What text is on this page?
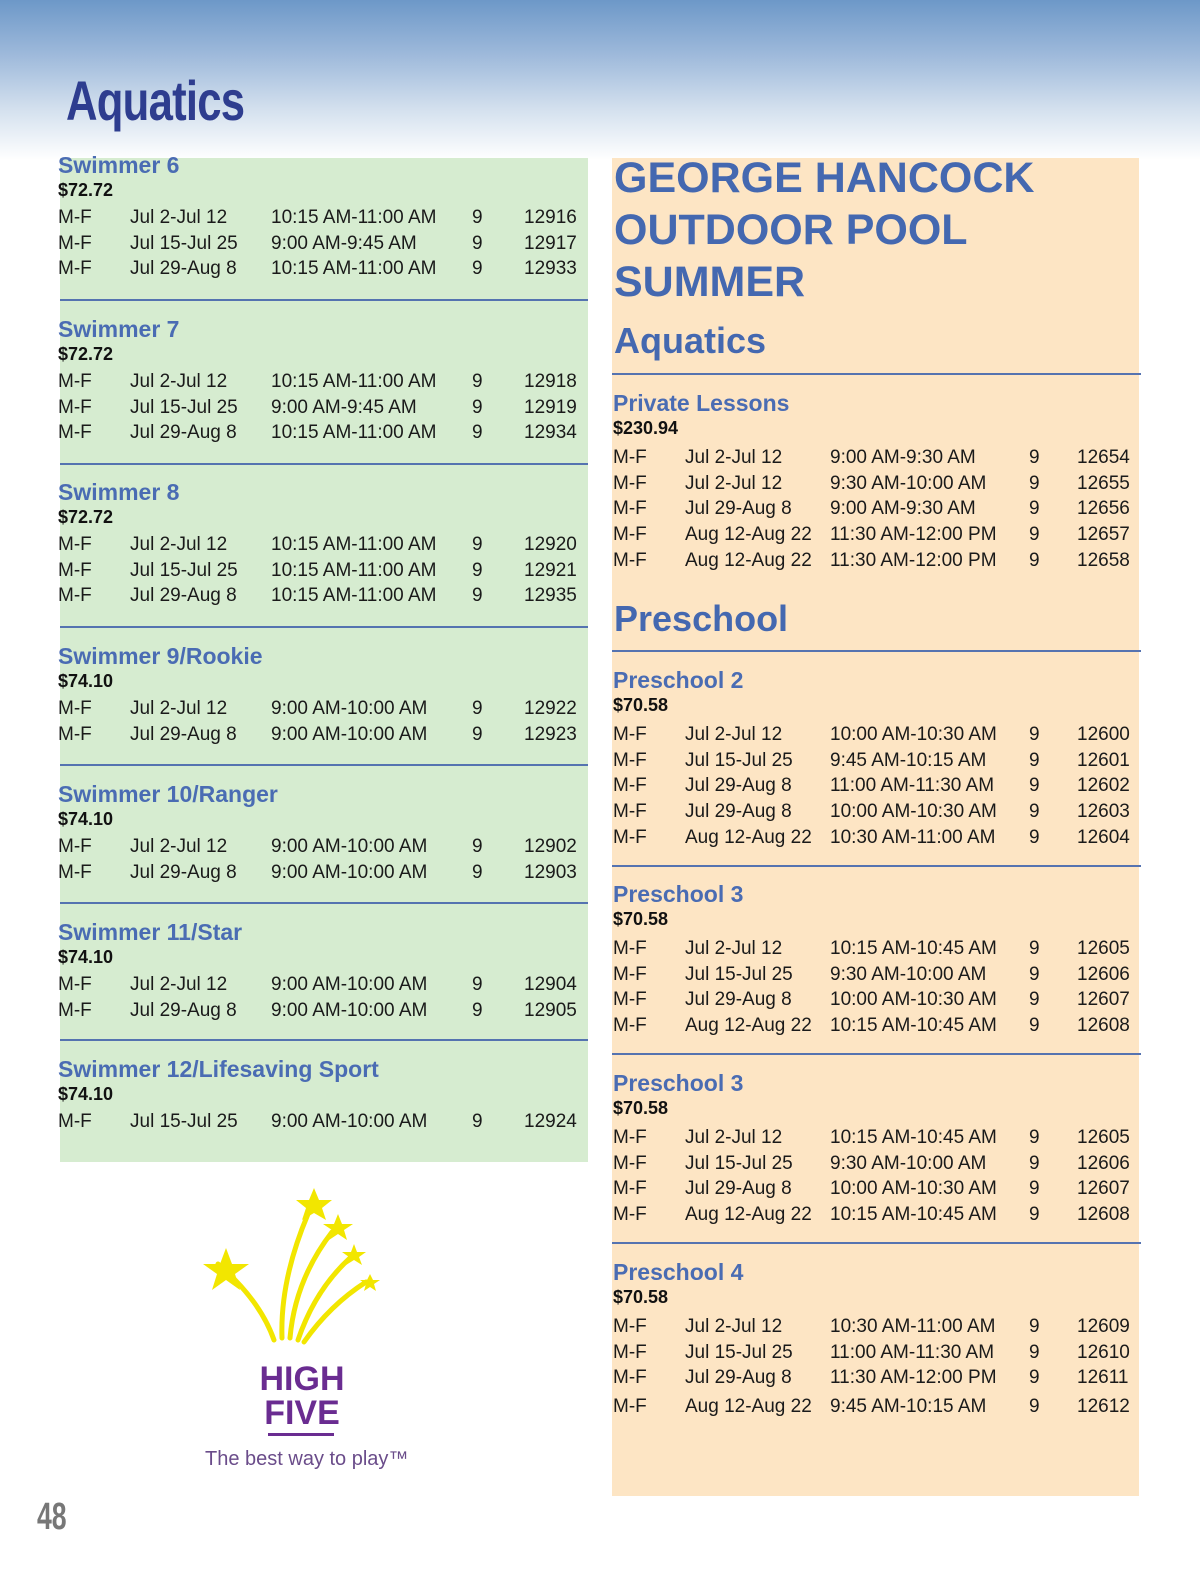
Aquatics
Swimmer 6
$72.72
M-F Jul 2-Jul 12 10:15 AM-11:00 AM 9 12916
M-F Jul 15-Jul 25 9:00 AM-9:45 AM	9 12917
M-F Jul 29-Aug 8 10:15 AM-11:00 AM 9 12933
Swimmer 7
$72.72
M-F Jul 2-Jul 12 10:15 AM-11:00 AM 9 12918
M-F Jul 15-Jul 25 9:00 AM-9:45 AM	9 12919
M-F Jul 29-Aug 8 10:15 AM-11:00 AM 9 12934
Swimmer 8
$72.72
M-F Jul 2-Jul 12 10:15 AM-11:00 AM 9 12920
M-F Jul 15-Jul 25 10:15 AM-11:00 AM 9 12921
M-F Jul 29-Aug 8 10:15 AM-11:00 AM 9 12935
Swimmer 9/Rookie
$74.10
M-F Jul 2-Jul 12 9:00 AM-10:00 AM 9 12922
M-F Jul 29-Aug 8 9:00 AM-10:00 AM 9 12923
Swimmer 10/Ranger
$74.10
M-F Jul 2-Jul 12 9:00 AM-10:00 AM 9 12902
M-F Jul 29-Aug 8 9:00 AM-10:00 AM 9 12903
Swimmer 11/Star
$74.10
M-F Jul 2-Jul 12 9:00 AM-10:00 AM 9 12904
M-F Jul 29-Aug 8 9:00 AM-10:00 AM 9 12905
Swimmer 12/Lifesaving Sport
$74.10
M-F Jul 15-Jul 25 9:00 AM-10:00 AM 9 12924
GEORGE HANCOCK
OUTDOOR POOL
SUMMER
Aquatics
Private Lessons
$230.94
M-F Jul 2-Jul 12	9:00 AM-9:30 AM	9 12654
M-F Jul 2-Jul 12	9:30 AM-10:00 AM 9 12655
M-F Jul 29-Aug 8 9:00 AM-9:30 AM	9 12656
M-F Aug 12-Aug 22 11:30 AM-12:00 PM 9 12657
M-F Aug 12-Aug 22 11:30 AM-12:00 PM 9 12658
Preschool
Preschool 2
$70.58
M-F Jul 2-Jul 12	10:00 AM-10:30 AM 9 12600
M-F Jul 15-Jul 25 9:45 AM-10:15 AM 9 12601
M-F Jul 29-Aug 8 11:00 AM-11:30 AM 9 12602
M-F Jul 29-Aug 8 10:00 AM-10:30 AM 9 12603
M-F Aug 12-Aug 22 10:30 AM-11:00 AM 9 12604
Preschool 3
$70.58
M-F Jul 2-Jul 12	10:15 AM-10:45 AM 9 12605
M-F Jul 15-Jul 25 9:30 AM-10:00 AM 9 12606
M-F Jul 29-Aug 8 10:00 AM-10:30 AM 9 12607
M-F Aug 12-Aug 22 10:15 AM-10:45 AM 9 12608
Preschool 3
$70.58
M-F Jul 2-Jul 12	10:15 AM-10:45 AM 9 12605
M-F Jul 15-Jul 25 9:30 AM-10:00 AM 9 12606
M-F Jul 29-Aug 8 10:00 AM-10:30 AM 9 12607
M-F Aug 12-Aug 22 10:15 AM-10:45 AM 9 12608
Preschool 4
$70.58
M-F Jul 2-Jul 12	10:30 AM-11:00 AM 9 12609
M-F Jul 15-Jul 25 11:00 AM-11:30 AM 9 12610
M-F Jul 29-Aug 8 11:30 AM-12:00 PM 9 12611
M-F Aug 12-Aug 22 9:45 AM-10:15 AM 9 12612
HIGH
FIVE
The best way to play™
48
